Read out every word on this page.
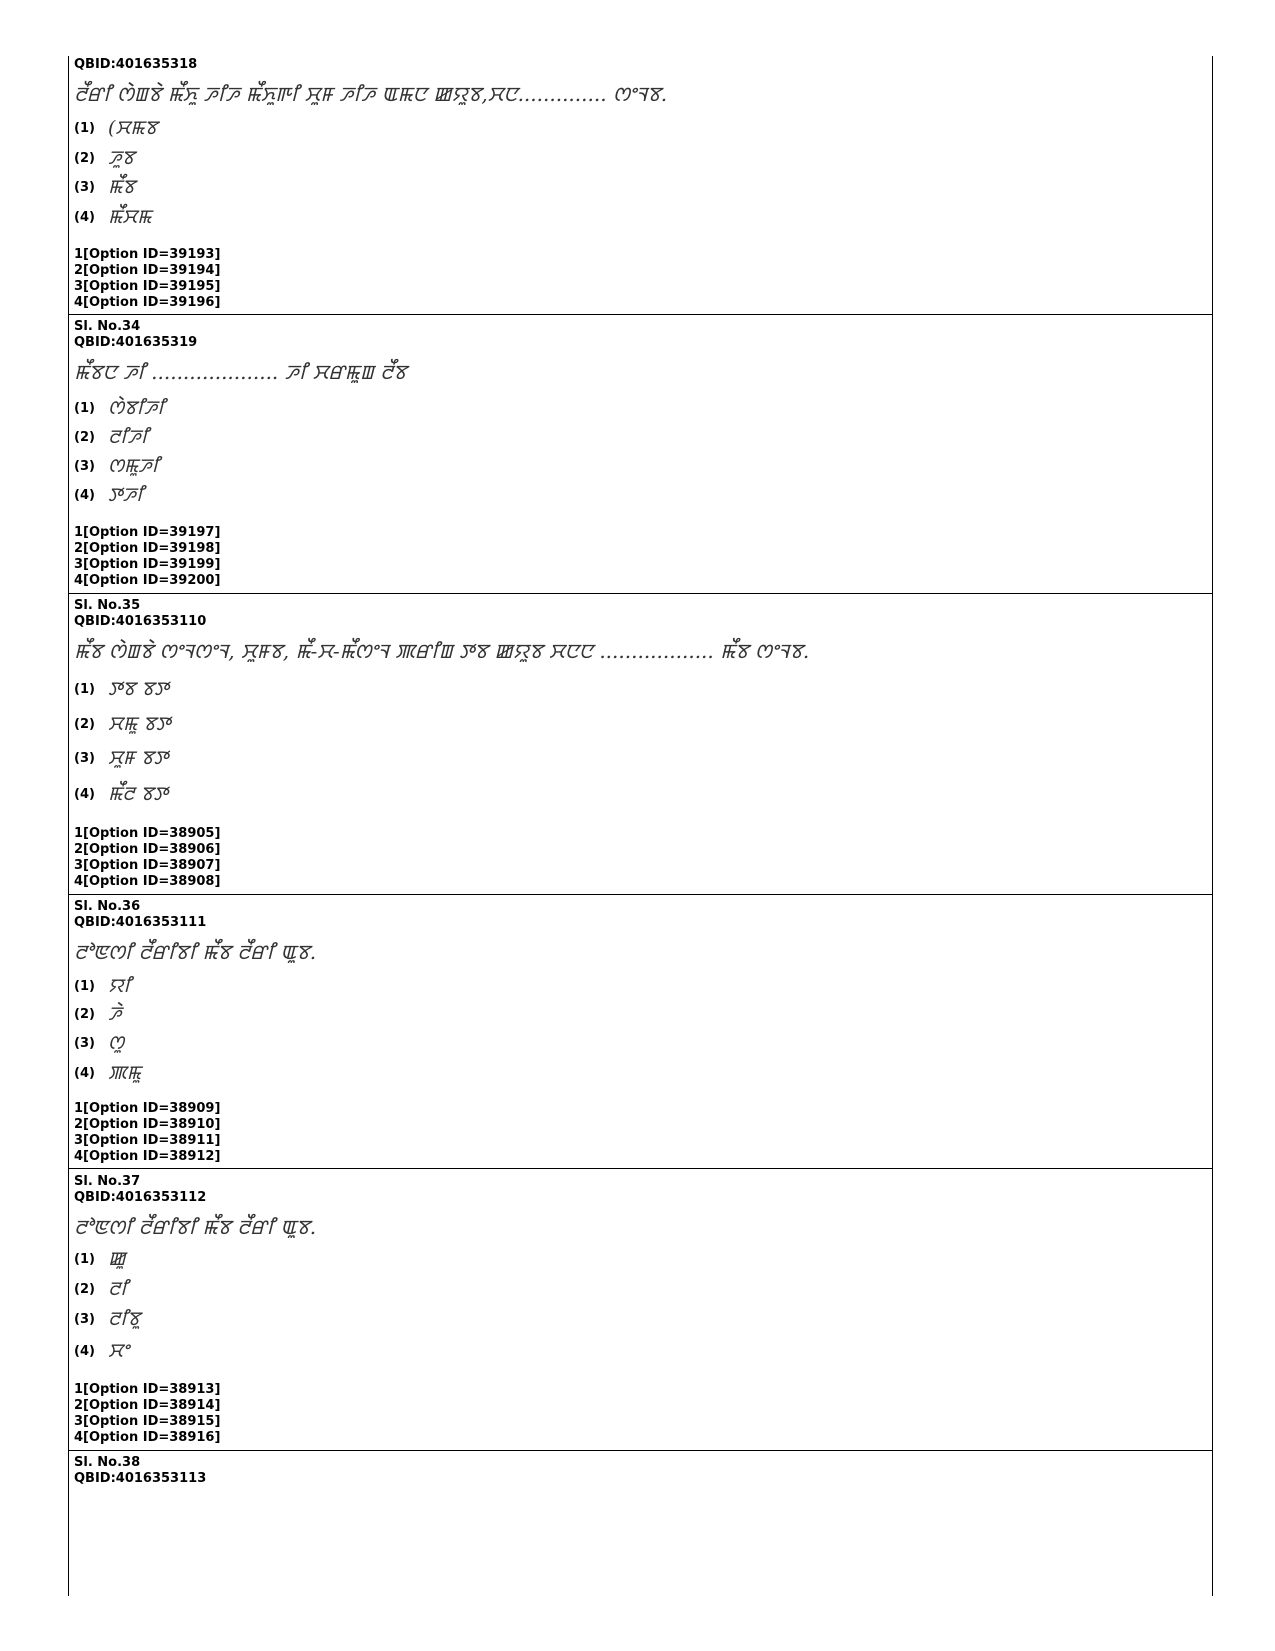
QBID:401635318
ꯂꯩꯔꯤ ꯁꯥꯡꯕꯥ ꯃꯩꯈꯨ ꯍꯤꯍ ꯃꯩꯈꯨꯒꯤ ꯆꯨꯝ ꯍꯤꯍ ꯑꯃꯅ ꯀꯌꯨꯕ,ꯆꯅ.............. ꯁꯦꯜꯕ.
(1) (ꯆꯃꯕ
(2) ꯍꯨꯕ
(3) ꯃꯩꯕ
(4) ꯃꯩꯆꯃ
1[Option ID=39193]
2[Option ID=39194]
3[Option ID=39195]
4[Option ID=39196]
Sl. No.34
QBID:401635319
ꯃꯩꯕꯅ ꯍꯤ .................... ꯍꯤ ꯆꯔꯃꯨꯡ ꯂꯩꯕ
(1) ꯁꯥꯕꯤꯍꯤ
(2) ꯂꯤꯍꯤ
(3) ꯁꯃꯨꯍꯤ
(4) ꯇꯍꯤ
1[Option ID=39197]
2[Option ID=39198]
3[Option ID=39199]
4[Option ID=39200]
Sl. No.35
QBID:4016353110
ꯃꯩꯕ ꯁꯥꯡꯕꯥ ꯁꯦꯜꯁꯦꯜ, ꯆꯨꯝꯕ, ꯃꯩ-ꯆ-ꯃꯩꯁꯦꯜ ꯄꯔꯤꯡ ꯇꯕ ꯀꯌꯨꯕ ꯆꯅꯅ .................. ꯃꯩꯕ ꯁꯦꯜꯕ.
(1) ꯇꯕ ꯕꯇ
(2) ꯆꯃꯨ ꯕꯇ
(3) ꯆꯨꯝ ꯕꯇ
(4) ꯃꯩꯂ ꯕꯇ
1[Option ID=38905]
2[Option ID=38906]
3[Option ID=38907]
4[Option ID=38908]
Sl. No.36
QBID:4016353111
ꯂꯣꯟꯁꯤ ꯂꯩꯔꯤꯕꯤ ꯃꯩꯕ ꯂꯩꯔꯤ ꯑꯨꯕ.
(1) ꯌꯤ
(2) ꯍꯥ
(3) ꯁꯨ
(4) ꯄꯃꯨ
1[Option ID=38909]
2[Option ID=38910]
3[Option ID=38911]
4[Option ID=38912]
Sl. No.37
QBID:4016353112
ꯂꯣꯟꯁꯤ ꯂꯩꯔꯤꯕꯤ ꯃꯩꯕ ꯂꯩꯔꯤ ꯑꯨꯕ.
(1) ꯀꯨ
(2) ꯂꯤ
(3) ꯂꯤꯕꯨ
(4) ꯆꯦ
1[Option ID=38913]
2[Option ID=38914]
3[Option ID=38915]
4[Option ID=38916]
Sl. No.38
QBID:4016353113
